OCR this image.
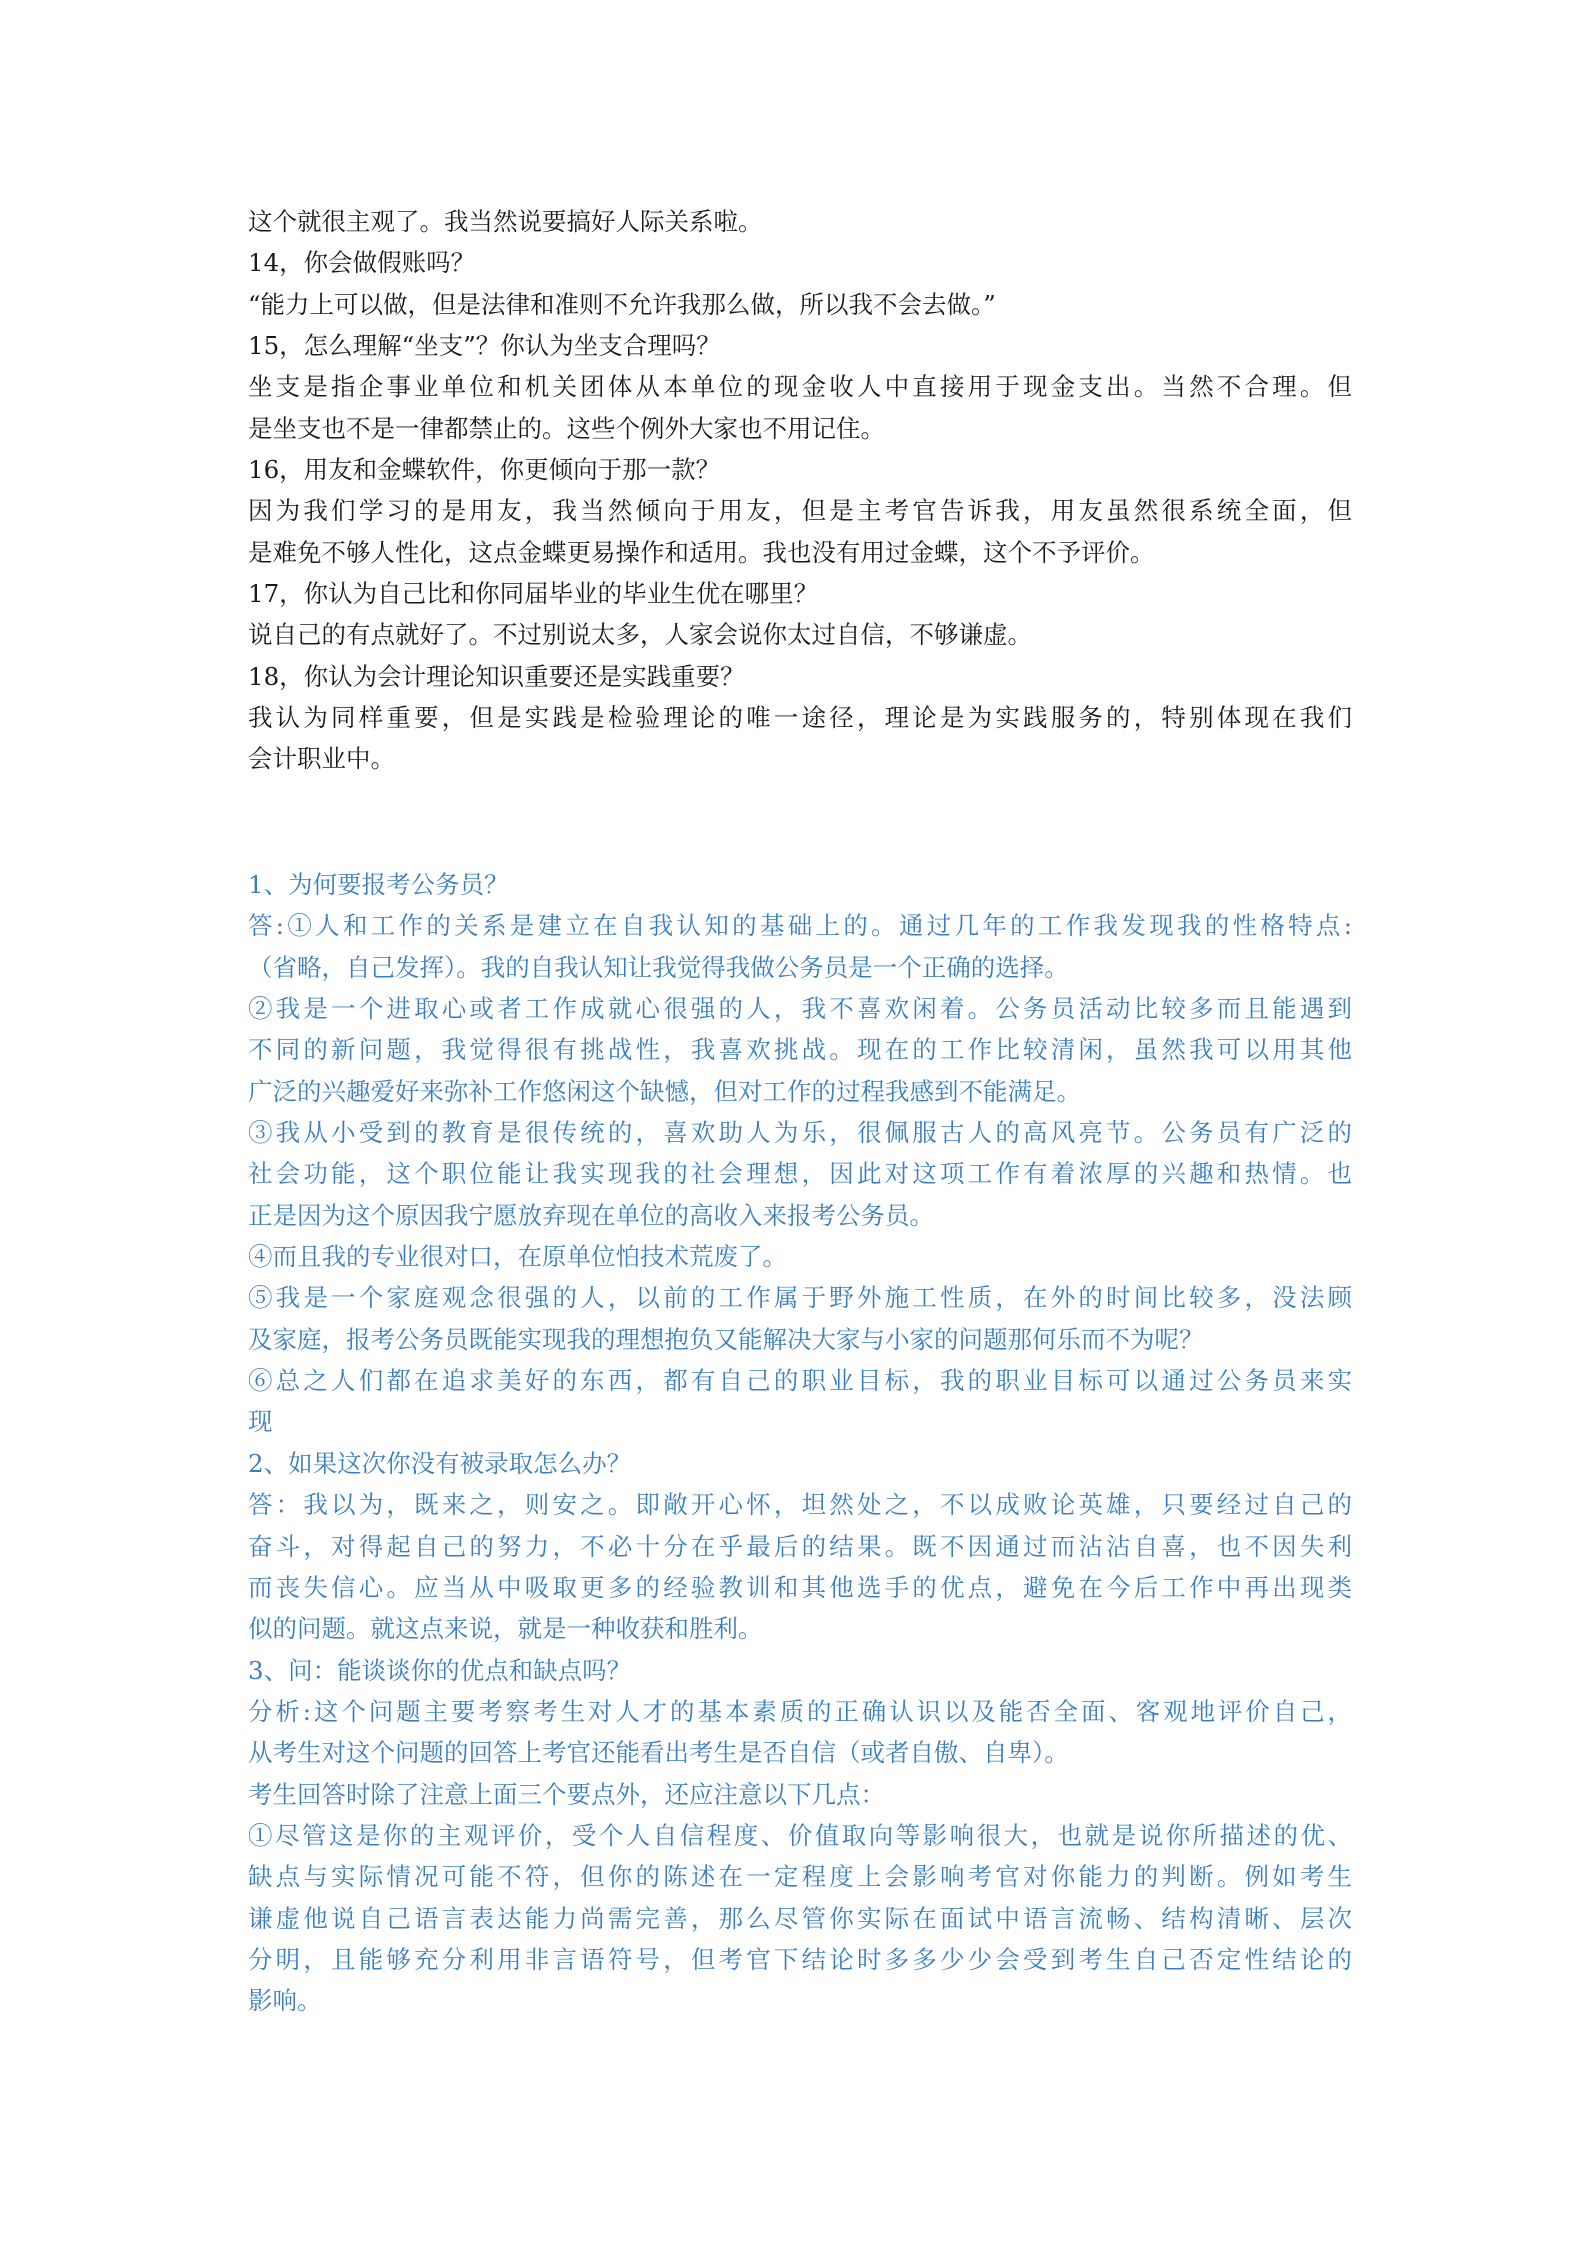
这个就很主观了。我当然说要搞好人际关系啦。
14，你会做假账吗？
“能力上可以做，但是法律和准则不允许我那么做，所以我不会去做。”
15，怎么理解“坐支”？你认为坐支合理吗？
坐支是指企事业单位和机关团体从本单位的现金收人中直接用于现金支出。当然不合理。但
是坐支也不是一律都禁止的。这些个例外大家也不用记住。
16，用友和金蝶软件，你更倾向于那一款？
因为我们学习的是用友，我当然倾向于用友，但是主考官告诉我，用友虽然很系统全面，但
是难免不够人性化，这点金蝶更易操作和适用。我也没有用过金蝶，这个不予评价。
17，你认为自己比和你同届毕业的毕业生优在哪里？
说自己的有点就好了。不过别说太多，人家会说你太过自信，不够谦虚。
18，你认为会计理论知识重要还是实践重要？
我认为同样重要，但是实践是检验理论的唯一途径，理论是为实践服务的，特别体现在我们
会计职业中。
1、为何要报考公务员？
答:①人和工作的关系是建立在自我认知的基础上的。通过几年的工作我发现我的性格特点:
（省略，自己发挥）。我的自我认知让我觉得我做公务员是一个正确的选择。
②我是一个进取心或者工作成就心很强的人，我不喜欢闲着。公务员活动比较多而且能遇到
不同的新问题，我觉得很有挑战性，我喜欢挑战。现在的工作比较清闲，虽然我可以用其他
广泛的兴趣爱好来弥补工作悠闲这个缺憾，但对工作的过程我感到不能满足。
③我从小受到的教育是很传统的，喜欢助人为乐，很佩服古人的高风亮节。公务员有广泛的
社会功能，这个职位能让我实现我的社会理想，因此对这项工作有着浓厚的兴趣和热情。也
正是因为这个原因我宁愿放弃现在单位的高收入来报考公务员。
④而且我的专业很对口，在原单位怕技术荒废了。
⑤我是一个家庭观念很强的人，以前的工作属于野外施工性质，在外的时间比较多，没法顾
及家庭，报考公务员既能实现我的理想抱负又能解决大家与小家的问题那何乐而不为呢？
⑥总之人们都在追求美好的东西，都有自己的职业目标，我的职业目标可以通过公务员来实
现
2、如果这次你没有被录取怎么办？
答：我以为，既来之，则安之。即敞开心怀，坦然处之，不以成败论英雄，只要经过自己的
奋斗，对得起自己的努力，不必十分在乎最后的结果。既不因通过而沾沾自喜，也不因失利
而丧失信心。应当从中吸取更多的经验教训和其他选手的优点，避免在今后工作中再出现类
似的问题。就这点来说，就是一种收获和胜利。
3、问：能谈谈你的优点和缺点吗？
分析:这个问题主要考察考生对人才的基本素质的正确认识以及能否全面、客观地评价自己，
从考生对这个问题的回答上考官还能看出考生是否自信（或者自傲、自卑）。
考生回答时除了注意上面三个要点外，还应注意以下几点：
①尽管这是你的主观评价，受个人自信程度、价值取向等影响很大，也就是说你所描述的优、
缺点与实际情况可能不符，但你的陈述在一定程度上会影响考官对你能力的判断。例如考生
谦虚他说自己语言表达能力尚需完善，那么尽管你实际在面试中语言流畅、结构清晰、层次
分明，且能够充分利用非言语符号，但考官下结论时多多少少会受到考生自己否定性结论的
影响。
